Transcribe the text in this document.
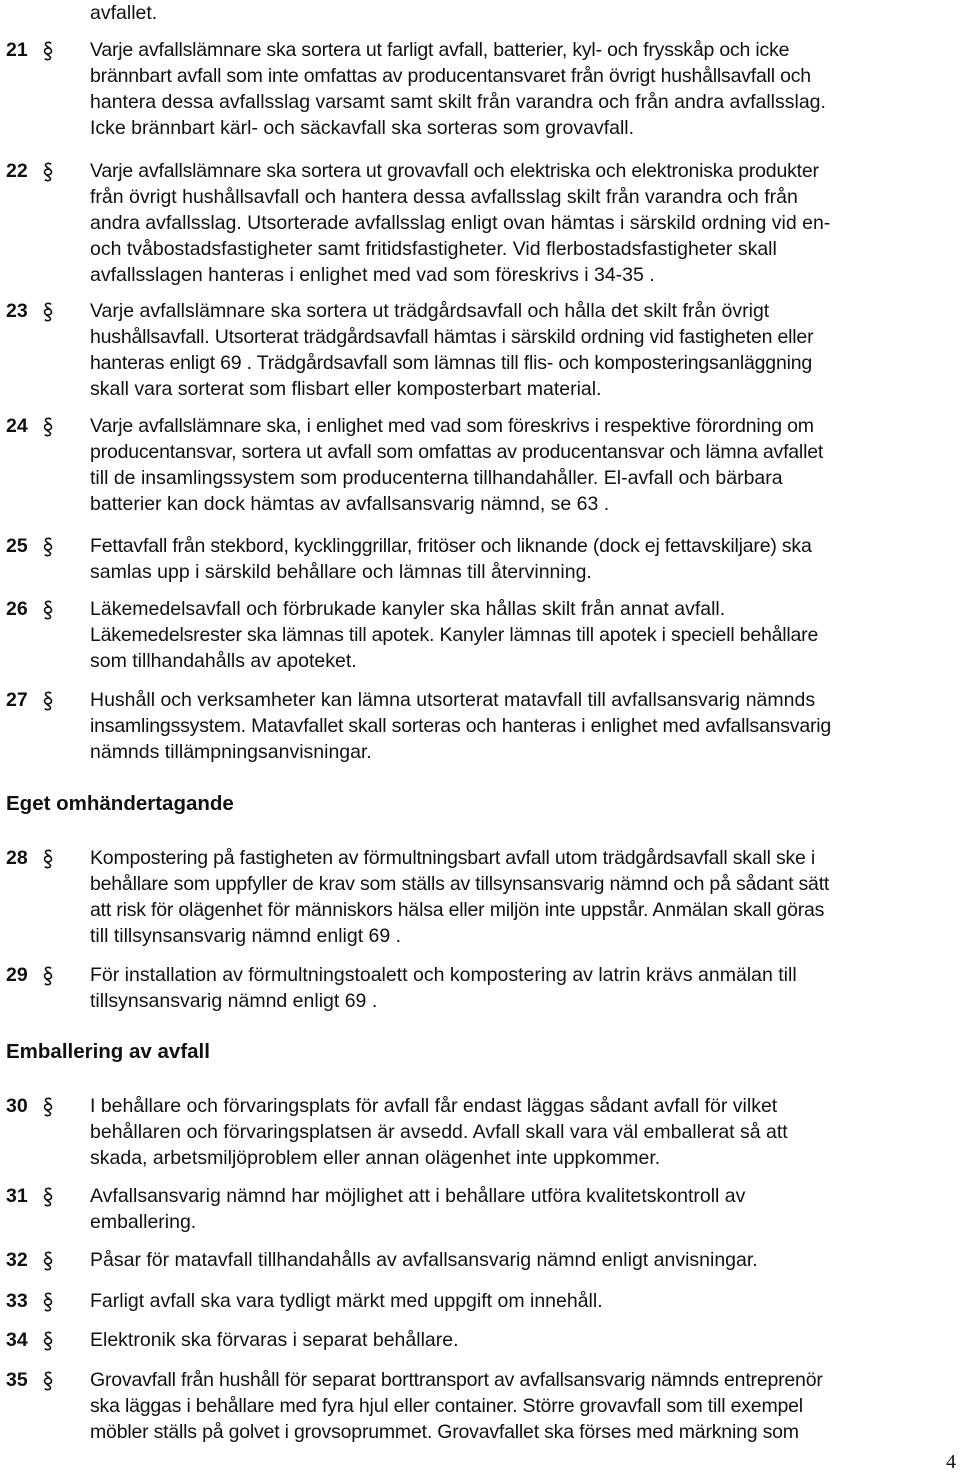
avfallet.
21	Varje avfallslämnare ska sortera ut farligt avfall, batterier, kyl- och frysskåp och icke
brännbart avfall som inte omfattas av producentansvaret från övrigt hushållsavfall och
hantera dessa avfallsslag varsamt samt skilt från varandra och från andra avfallsslag.
Icke brännbart kärl- och säckavfall ska sorteras som grovavfall.
22	Varje avfallslämnare ska sortera ut grovavfall och elektriska och elektroniska produkter
från övrigt hushållsavfall och hantera dessa avfallsslag skilt från varandra och från
andra avfallsslag. Utsorterade avfallsslag enligt ovan hämtas i särskild ordning vid en-
och tvåbostadsfastigheter samt fritidsfastigheter. Vid flerbostadsfastigheter skall
avfallsslagen hanteras i enlighet med vad som föreskrivs i 34-35 .
23	Varje avfallslämnare ska sortera ut trädgårdsavfall och hålla det skilt från övrigt
hushållsavfall. Utsorterat trädgårdsavfall hämtas i särskild ordning vid fastigheten eller
hanteras enligt 69 . Trädgårdsavfall som lämnas till flis- och komposteringsanläggning
skall vara sorterat som flisbart eller komposterbart material.
24	Varje avfallslämnare ska, i enlighet med vad som föreskrivs i respektive förordning om
producentansvar, sortera ut avfall som omfattas av producentansvar och lämna avfallet
till de insamlingssystem som producenterna tillhandahåller. El-avfall och bärbara
batterier kan dock hämtas av avfallsansvarig nämnd, se 63 .
25	Fettavfall från stekbord, kycklinggrillar, fritöser och liknande (dock ej fettavskiljare) ska
samlas upp i särskild behållare och lämnas till återvinning.
26	Läkemedelsavfall och förbrukade kanyler ska hållas skilt från annat avfall.
Läkemedelsrester ska lämnas till apotek. Kanyler lämnas till apotek i speciell behållare
som tillhandahålls av apoteket.
27	Hushåll och verksamheter kan lämna utsorterat matavfall till avfallsansvarig nämnds
insamlingssystem. Matavfallet skall sorteras och hanteras i enlighet med avfallsansvarig
nämnds tillämpningsanvisningar.
Eget omhändertagande
28	Kompostering på fastigheten av förmultningsbart avfall utom trädgårdsavfall skall ske i
behållare som uppfyller de krav som ställs av tillsynsansvarig nämnd och på sådant sätt
att risk för olägenhet för människors hälsa eller miljön inte uppstår. Anmälan skall göras
till tillsynsansvarig nämnd enligt 69 .
29	För installation av förmultningstoalett och kompostering av latrin krävs anmälan till
tillsynsansvarig nämnd enligt 69 .
Emballering av avfall
30	I behållare och förvaringsplats för avfall får endast läggas sådant avfall för vilket
behållaren och förvaringsplatsen är avsedd. Avfall skall vara väl emballerat så att
skada, arbetsmiljöproblem eller annan olägenhet inte uppkommer.
31	Avfallsansvarig nämnd har möjlighet att i behållare utföra kvalitetskontroll av
emballering.
32	Påsar för matavfall tillhandahålls av avfallsansvarig nämnd enligt anvisningar.
33	Farligt avfall ska vara tydligt märkt med uppgift om innehåll.
34	Elektronik ska förvaras i separat behållare.
35	Grovavfall från hushåll för separat borttransport av avfallsansvarig nämnds entreprenör
ska läggas i behållare med fyra hjul eller container. Större grovavfall som till exempel
möbler ställs på golvet i grovsoprummet. Grovavfallet ska förses med märkning som
4
